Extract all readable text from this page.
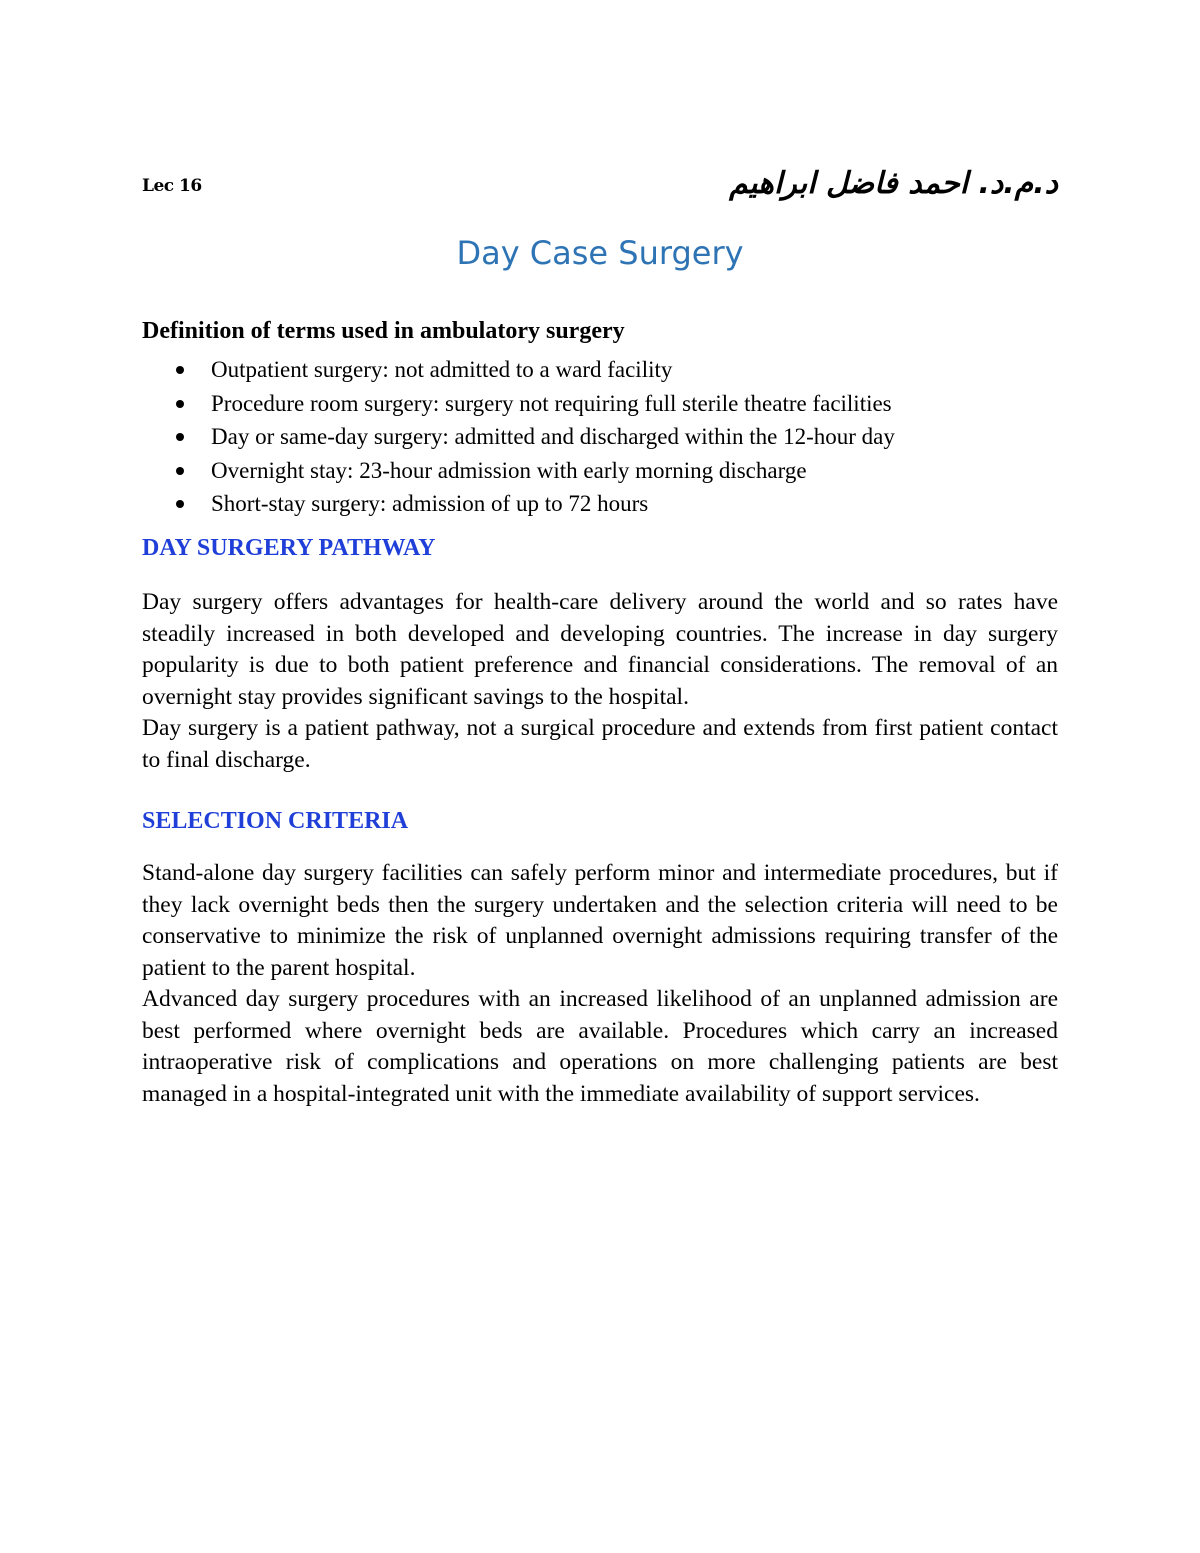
Lec 16	د.م.د. احمد فاضل ابراهيم
Day Case Surgery
Definition of terms used in ambulatory surgery
Outpatient surgery: not admitted to a ward facility
Procedure room surgery: surgery not requiring full sterile theatre facilities
Day or same-day surgery: admitted and discharged within the 12-hour day
Overnight stay: 23-hour admission with early morning discharge
Short-stay surgery: admission of up to 72 hours
DAY SURGERY PATHWAY

Day surgery offers advantages for health-care delivery around the world and so rates have steadily increased in both developed and developing countries. The increase in day surgery popularity is due to both patient preference and financial considerations. The removal of an overnight stay provides significant savings to the hospital.

Day surgery is a patient pathway, not a surgical procedure and extends from first patient contact to final discharge.

SELECTION CRITERIA

Stand-alone day surgery facilities can safely perform minor and intermediate procedures, but if they lack overnight beds then the surgery undertaken and the selection criteria will need to be conservative to minimize the risk of unplanned overnight admissions requiring transfer of the patient to the parent hospital.

Advanced day surgery procedures with an increased likelihood of an unplanned admission are best performed where overnight beds are available. Procedures which carry an increased intraoperative risk of complications and operations on more challenging patients are best managed in a hospital-integrated unit with the immediate availability of support services.
